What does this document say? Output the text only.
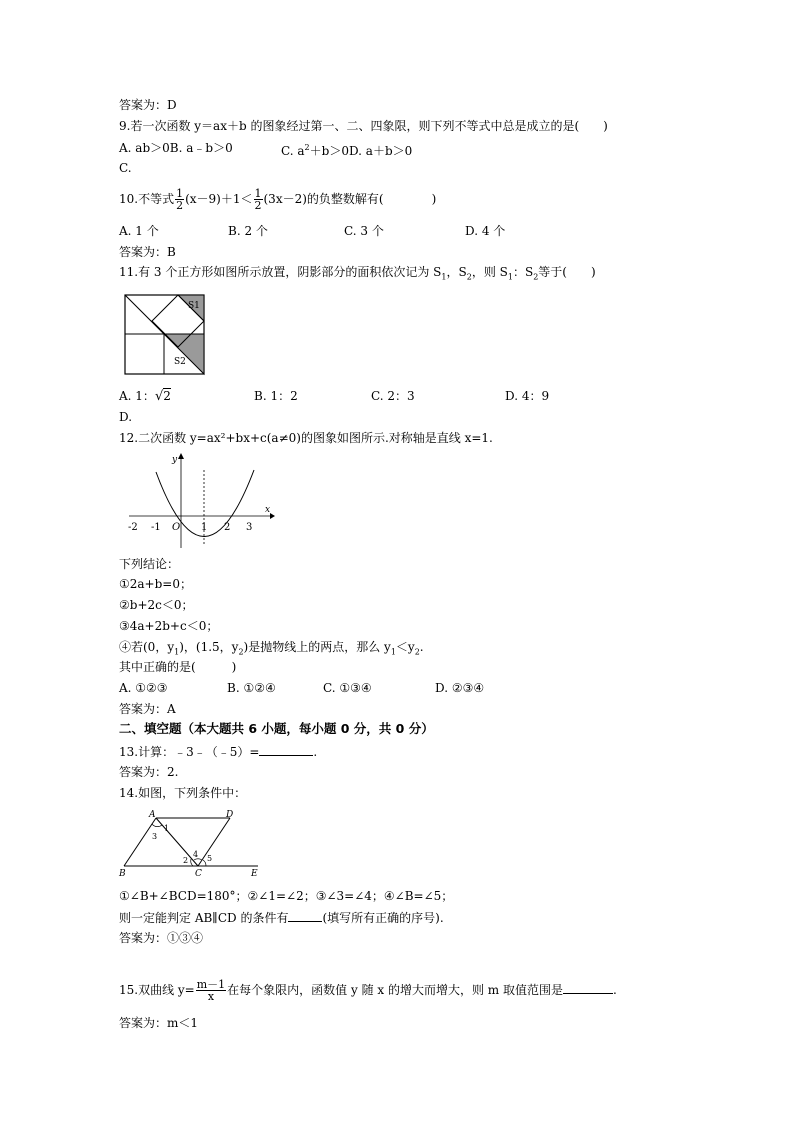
答案为：D
9.若一次函数 y＝ax＋b 的图象经过第一、二、四象限，则下列不等式中总是成立的是(　　)
A. ab＞0B. a﹣b＞0	C. $a^2+b>0D$. a＋b＞0
C.
10.不等式 $\frac{1}{2} (x-9)+1< \frac{1}{2} (3x-2)$的负整数解有(　　　　)
A. 1 个	B. 2 个	C. 3 个	D. 4 个
答案为：B
11.有 3 个正方形如图所示放置，阴影部分的面积依次记为 $S_1$，$S_2$，则 $S_1$：$S_2$等于(　　)
S1
S2
A. 1：√2	B. 1：2	C. 2：3	D. 4：9
D.
12.二次函数 y=ax²+bx+c(a≠0)的图象如图所示.对称轴是直线 x=1.
y
x
O
-2 -1	1 2 3
下列结论：
①2a+b=0；
②b+2c＜0；
③4a+2b+c＜0；
④若(0，$y_1$)，(1.5，$y_2$)是抛物线上的两点，那么 $y_1<y_2$.
其中正确的是(　　　)
A. ①②③	B. ①②④	C. ①③④	D. ②③④
答案为：A
二、填空题（本大题共 6 小题，每小题 0 分，共 0 分）
13.计算：﹣3﹣（﹣5）=	.
答案为：2.
14.如图，下列条件中：
A	D
B	C	E
1
3
2
4 5
①∠B+∠BCD=180°；②∠1=∠2；③∠3=∠4；④∠B=∠5；
则一定能判定 AB∥CD 的条件有	(填写所有正确的序号).
答案为：①③④
15.双曲线 $y= \frac{m-1}{x}$ 在每个象限内，函数值 y 随 x 的增大而增大，则 m 取值范围是	.
答案为：m＜1
